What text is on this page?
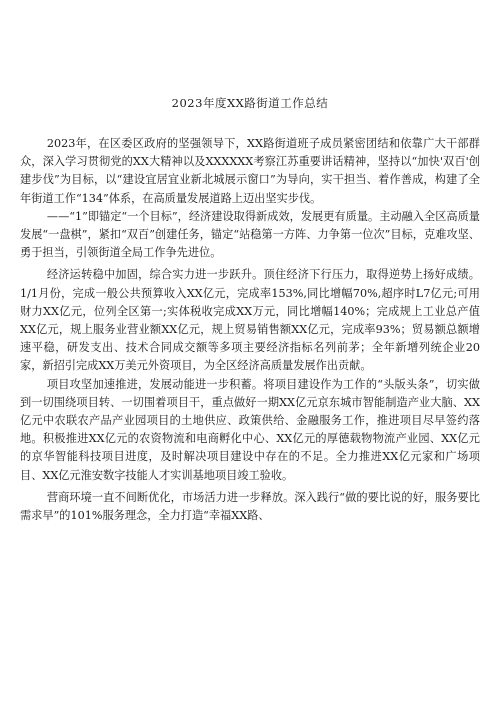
2023年度XX路街道工作总结

2023年，在区委区政府的坚强领导下，XX路街道班子成员紧密团结和依靠广大干部群众，深入学习贯彻党的XX大精神以及XXXXXX考察江苏重要讲话精神，坚持以“加快'双百'创建步伐”为目标，以“建设宜居宜业新北城展示窗口”为导向，实干担当、着作善成，构建了全年街道工作“134”体系，在高质量发展道路上迈出坚实步伐。

——“1”即锚定“一个目标”，经济建设取得新成效，发展更有质量。主动融入全区高质量发展“一盘棋”，紧扣“双百”创建任务，锚定“站稳第一方阵、力争第一位次”目标，克难攻坚、勇于担当，引领街道全局工作争先进位。

经济运转稳中加固，综合实力进一步跃升。顶住经济下行压力，取得逆势上扬好成绩。1/1月份，完成一般公共预算收入XX亿元，完成率153%,同比增幅70%,超序时L7亿元;可用财力XX亿元，位列全区第一;实体税收完成XX万元，同比增幅140%；完成规上工业总产值XX亿元，规上服务业营业额XX亿元，规上贸易销售额XX亿元，完成率93%；贸易额总额增速平稳，研发支出、技术合同成交额等多项主要经济指标名列前茅；全年新增列统企业20家，新招引完成XX万美元外资项目，为全区经济高质量发展作出贡献。

项目攻坚加速推进，发展动能进一步积蓄。将项目建设作为工作的“头版头条”，切实做到一切围绕项目转、一切围着项目干，重点做好一期XX亿元京东城市智能制造产业大脑、XX亿元中农联农产品产业园项目的土地供应、政策供给、金融服务工作，推进项目尽早签约落地。积极推进XX亿元的农资物流和电商孵化中心、XX亿元的厚德载物物流产业园、XX亿元的京华智能科技项目进度，及时解决项目建设中存在的不足。全力推进XX亿元家和广场项目、XX亿元淮安数字技能人才实训基地项目竣工验收。

营商环境一直不间断优化，市场活力进一步释放。深入践行“做的要比说的好，服务要比需求早”的101%服务理念，全力打造“幸福XX路、
